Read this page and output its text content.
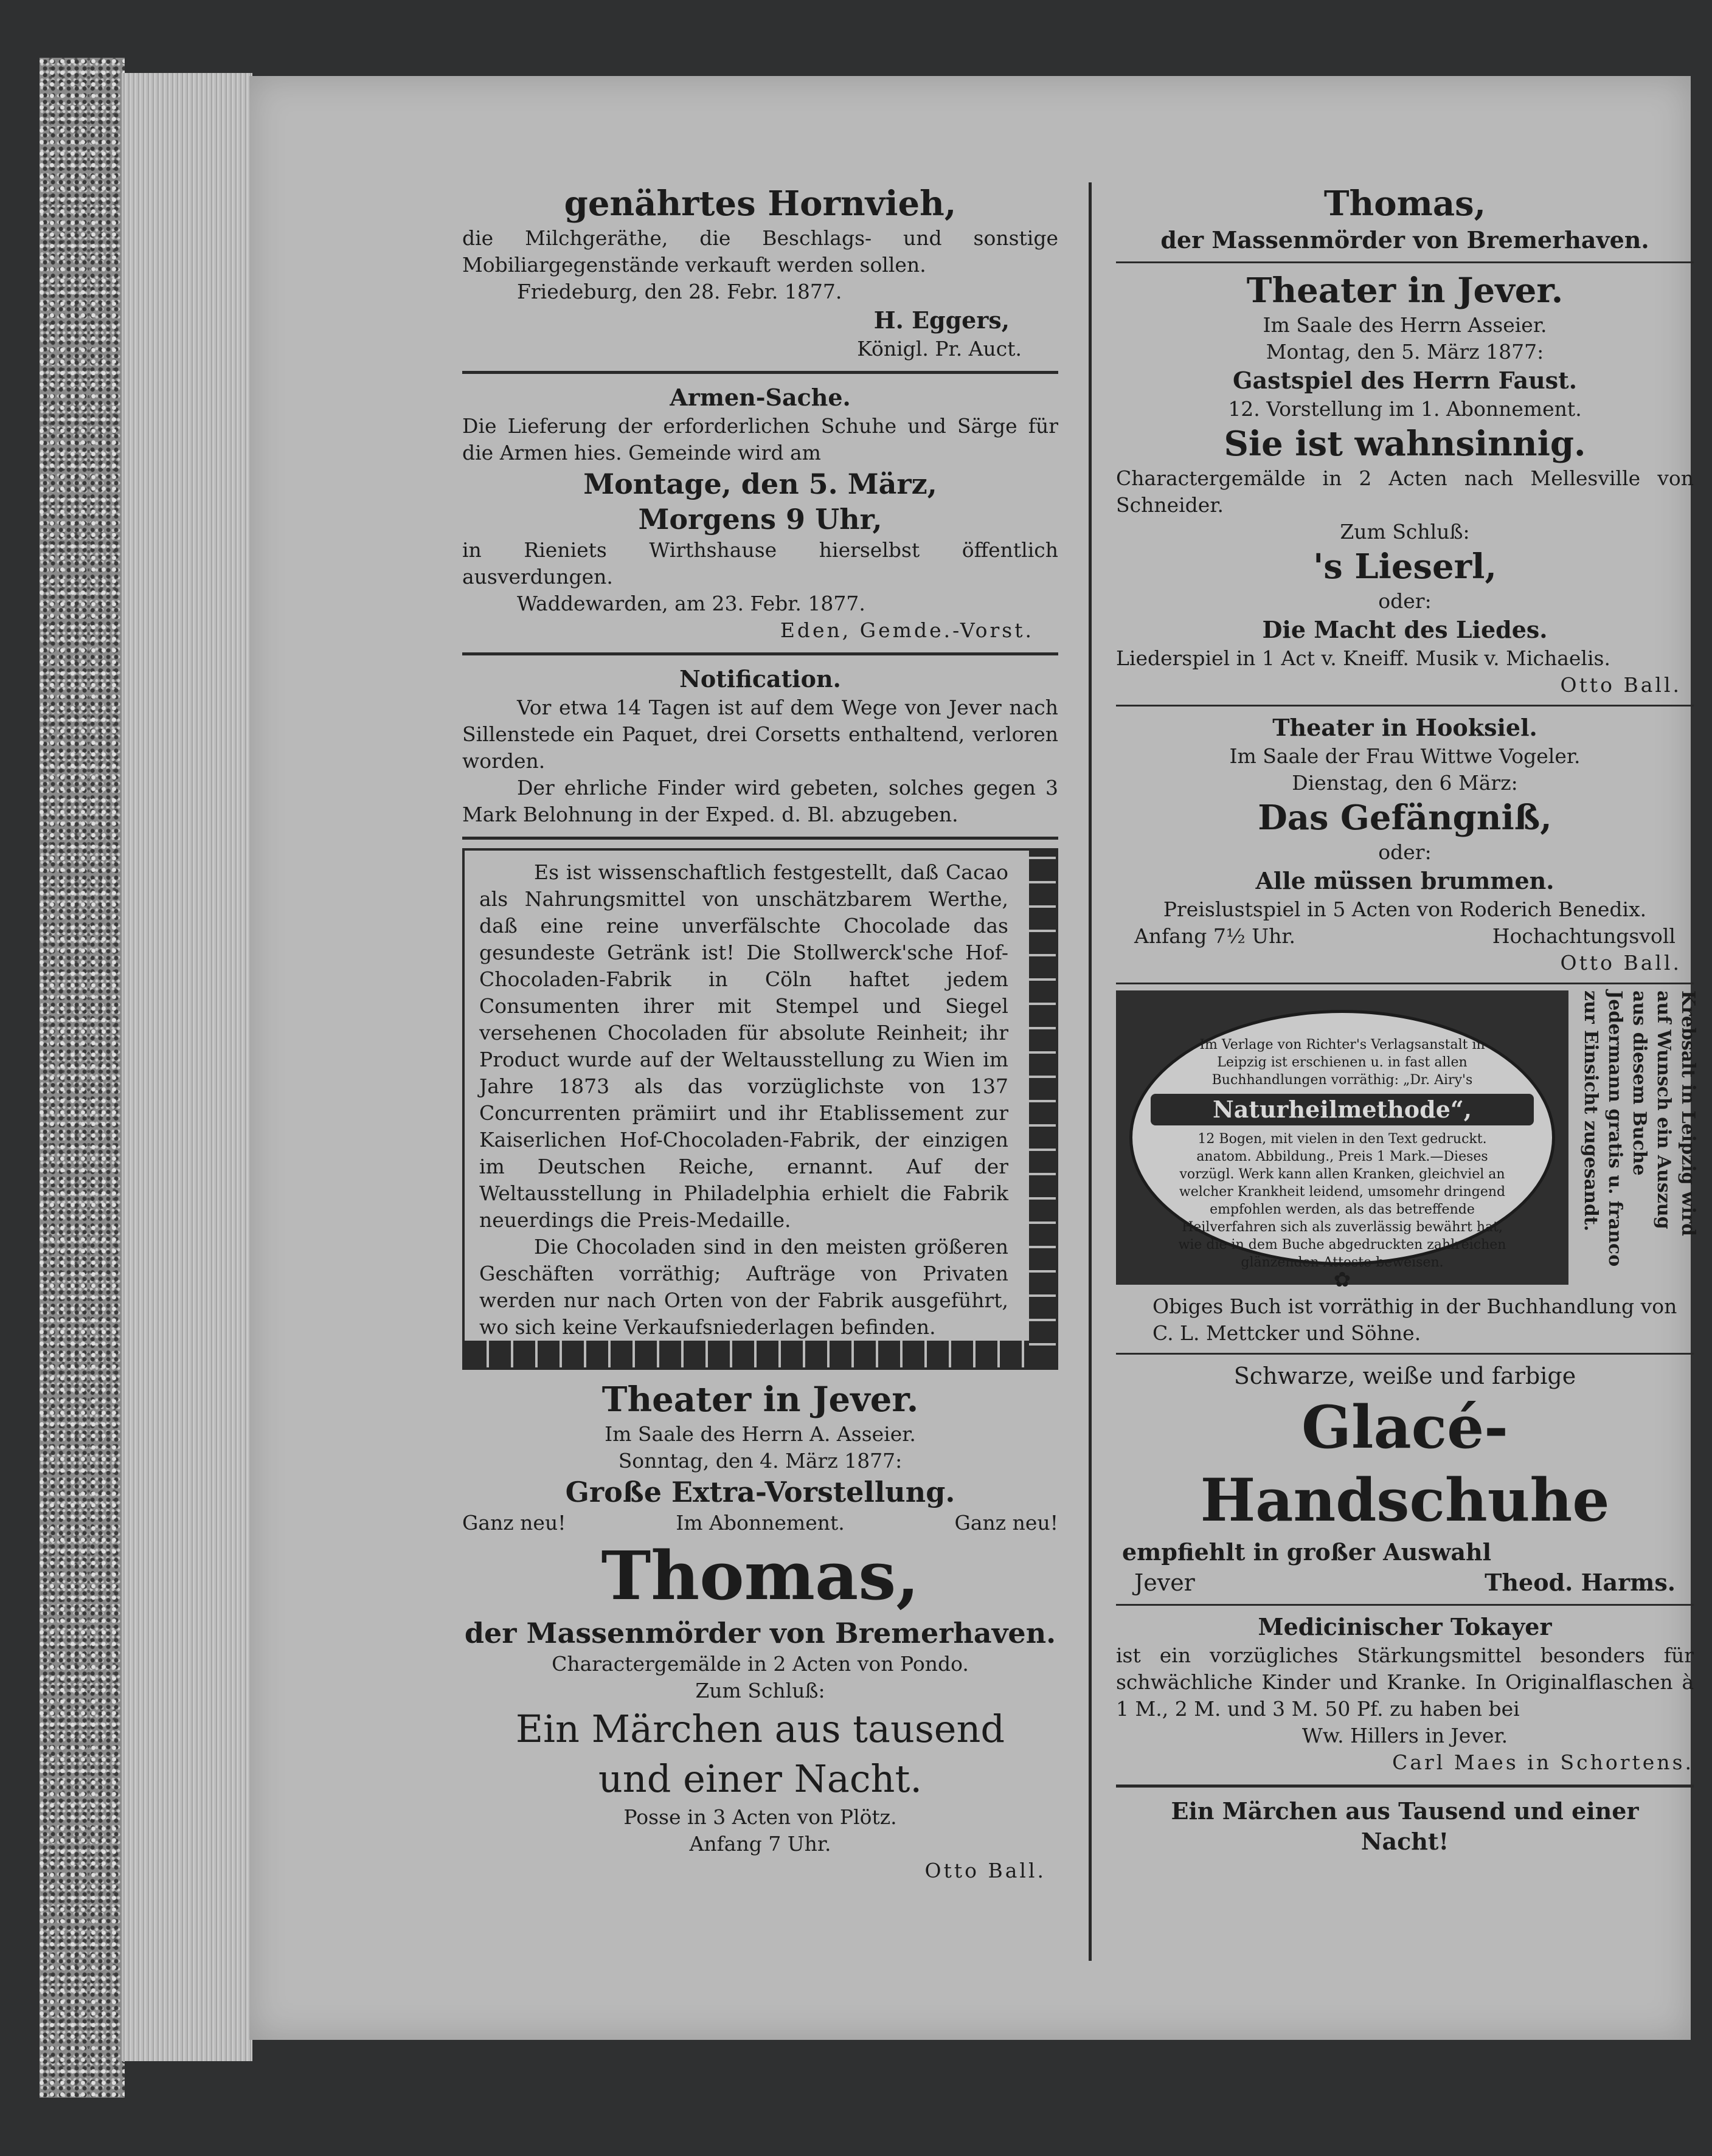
genährtes Hornvieh,

die Milchgeräthe, die Beschlags- und sonstige Mobiliargegenstände verkauft werden sollen.

Friedeburg, den 28. Febr. 1877.

H. Eggers,

Königl. Pr. Auct.

Armen-Sache.

Die Lieferung der erforderlichen Schuhe und Särge für die Armen hies. Gemeinde wird am

Montage, den 5. März,

Morgens 9 Uhr,

in Rieniets Wirthshause hierselbst öffentlich ausverdungen.

Waddewarden, am 23. Febr. 1877.

Eden, Gemde.-Vorst.

Notification.

Vor etwa 14 Tagen ist auf dem Wege von Jever nach Sillenstede ein Paquet, drei Corsetts enthaltend, verloren worden.

Der ehrliche Finder wird gebeten, solches gegen 3 Mark Belohnung in der Exped. d. Bl. abzugeben.

Es ist wissenschaftlich festgestellt, daß Cacao als Nahrungsmittel von unschätzbarem Werthe, daß eine reine unverfälschte Chocolade das gesundeste Getränk ist! Die Stollwerck'sche Hof-Chocoladen-Fabrik in Cöln haftet jedem Consumenten ihrer mit Stempel und Siegel versehenen Chocoladen für absolute Reinheit; ihr Product wurde auf der Weltausstellung zu Wien im Jahre 1873 als das vorzüglichste von 137 Concurrenten prämiirt und ihr Etablissement zur Kaiserlichen Hof-Chocoladen-Fabrik, der einzigen im Deutschen Reiche, ernannt. Auf der Weltausstellung in Philadelphia erhielt die Fabrik neuerdings die Preis-Medaille.

Die Chocoladen sind in den meisten größeren Geschäften vorräthig; Aufträge von Privaten werden nur nach Orten von der Fabrik ausgeführt, wo sich keine Verkaufsniederlagen befinden.

Theater in Jever.

Im Saale des Herrn A. Asseier.

Sonntag, den 4. März 1877:

Große Extra-Vorstellung.

Ganz neu!	Im Abonnement.	Ganz neu!

Thomas,

der Massenmörder von Bremerhaven.

Charactergemälde in 2 Acten von Pondo.

Zum Schluß:

Ein Märchen aus tausend und einer Nacht.

Posse in 3 Acten von Plötz.

Anfang 7 Uhr.

Otto Ball.

Thomas,

der Massenmörder von Bremerhaven.

Theater in Jever.

Im Saale des Herrn Asseier.

Montag, den 5. März 1877:

Gastspiel des Herrn Faust.

12. Vorstellung im 1. Abonnement.

Sie ist wahnsinnig.

Charactergemälde in 2 Acten nach Mellesville von Schneider.

Zum Schluß:

's Lieserl,

oder:

Die Macht des Liedes.

Liederspiel in 1 Act v. Kneiff. Musik v. Michaelis.

Otto Ball.

Theater in Hooksiel.

Im Saale der Frau Wittwe Vogeler.

Dienstag, den 6 März:

Das Gefängniß,

oder:

Alle müssen brummen.

Preislustspiel in 5 Acten von Roderich Benedix.

Anfang 7½ Uhr.	Hochachtungsvoll

Otto Ball.

Im Verlage von Richter's Verlagsanstalt in Leipzig ist erschienen u. in fast allen Buchhandlungen vorräthig: „Dr. Airy's
Naturheilmethode“,
12 Bogen, mit vielen in den Text gedruckt. anatom. Abbildung., Preis 1 Mark.—Dieses vorzügl. Werk kann allen Kranken, gleichviel an welcher Krankheit leidend, umsomehr dringend empfohlen werden, als das betreffende Heilverfahren sich als zuverlässig bewährt hat, wie die in dem Buche abgedruckten zahlreichen glänzenden Atteste beweisen.
✿
Krebsalt in Leipzig wird auf Wunsch ein Auszug aus diesem Buche Jedermann gratis u. franco zur Einsicht zugesandt.

Obiges Buch ist vorräthig in der Buchhandlung von C. L. Mettcker und Söhne.

Schwarze, weiße und farbige

Glacé-Handschuhe

empfiehlt in großer Auswahl

Jever	Theod. Harms.

Medicinischer Tokayer

ist ein vorzügliches Stärkungsmittel besonders für schwächliche Kinder und Kranke. In Originalflaschen à 1 M., 2 M. und 3 M. 50 Pf. zu haben bei

Ww. Hillers in Jever.

Carl Maes in Schortens.

Ein Märchen aus Tausend und einer Nacht!
